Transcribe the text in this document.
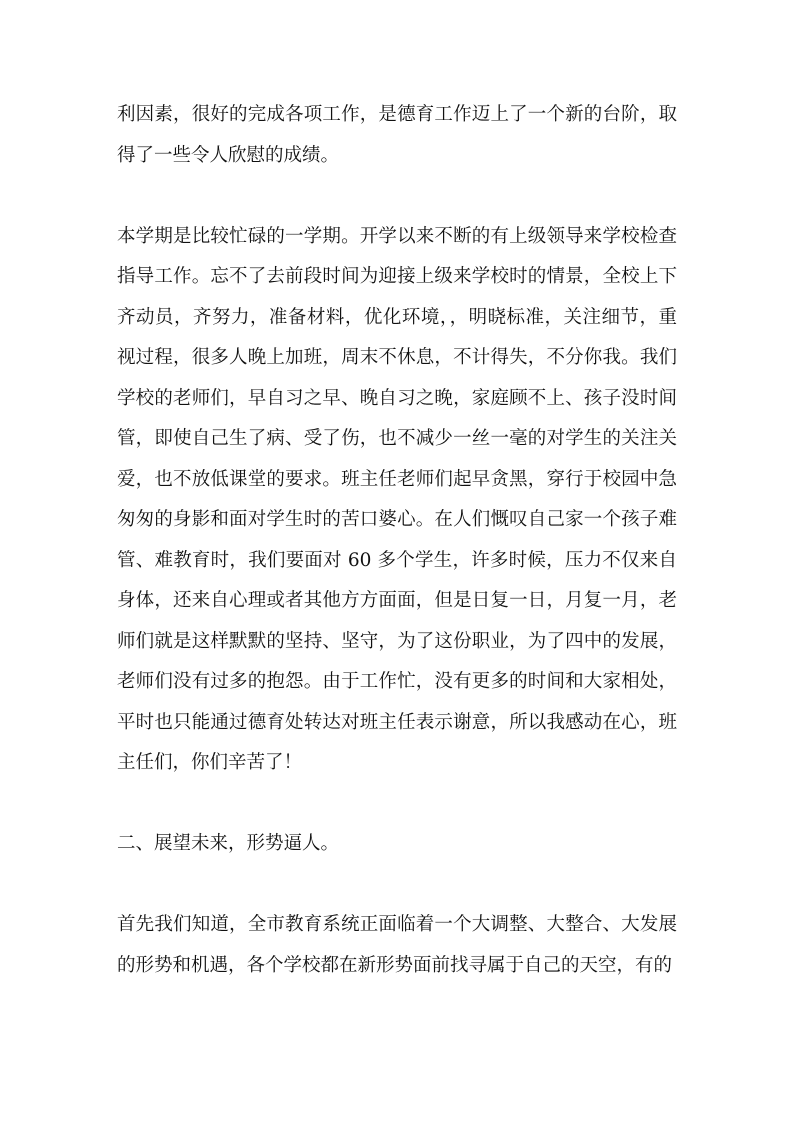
利因素，很好的完成各项工作，是德育工作迈上了一个新的台阶，取得了一些令人欣慰的成绩。

本学期是比较忙碌的一学期。开学以来不断的有上级领导来学校检查指导工作。忘不了去前段时间为迎接上级来学校时的情景，全校上下齐动员，齐努力，准备材料，优化环境，，明晓标准，关注细节，重视过程，很多人晚上加班，周末不休息，不计得失，不分你我。我们学校的老师们，早自习之早、晚自习之晚，家庭顾不上、孩子没时间管，即使自己生了病、受了伤，也不减少一丝一毫的对学生的关注关爱，也不放低课堂的要求。班主任老师们起早贪黑，穿行于校园中急匆匆的身影和面对学生时的苦口婆心。在人们慨叹自己家一个孩子难管、难教育时，我们要面对 60 多个学生，许多时候，压力不仅来自身体，还来自心理或者其他方方面面，但是日复一日，月复一月，老师们就是这样默默的坚持、坚守，为了这份职业，为了四中的发展，老师们没有过多的抱怨。由于工作忙，没有更多的时间和大家相处，平时也只能通过德育处转达对班主任表示谢意，所以我感动在心，班主任们，你们辛苦了！

二、展望未来，形势逼人。

首先我们知道，全市教育系统正面临着一个大调整、大整合、大发展的形势和机遇，各个学校都在新形势面前找寻属于自己的天空，有的
